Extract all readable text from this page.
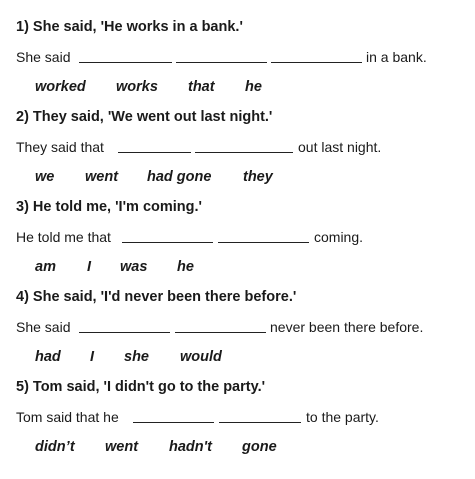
1) She said, 'He works in a bank.'
She said	in a bank.
worked works that he
2) They said, 'We went out last night.'
They said that	out last night.
we went had gone they
3) He told me, 'I'm coming.'
He told me that	coming.
am I was he
4) She said, 'I'd never been there before.'
She said	never been there before.
had I she would
5) Tom said, 'I didn't go to the party.'
Tom said that he	to the party.
didn’t went hadn't gone
